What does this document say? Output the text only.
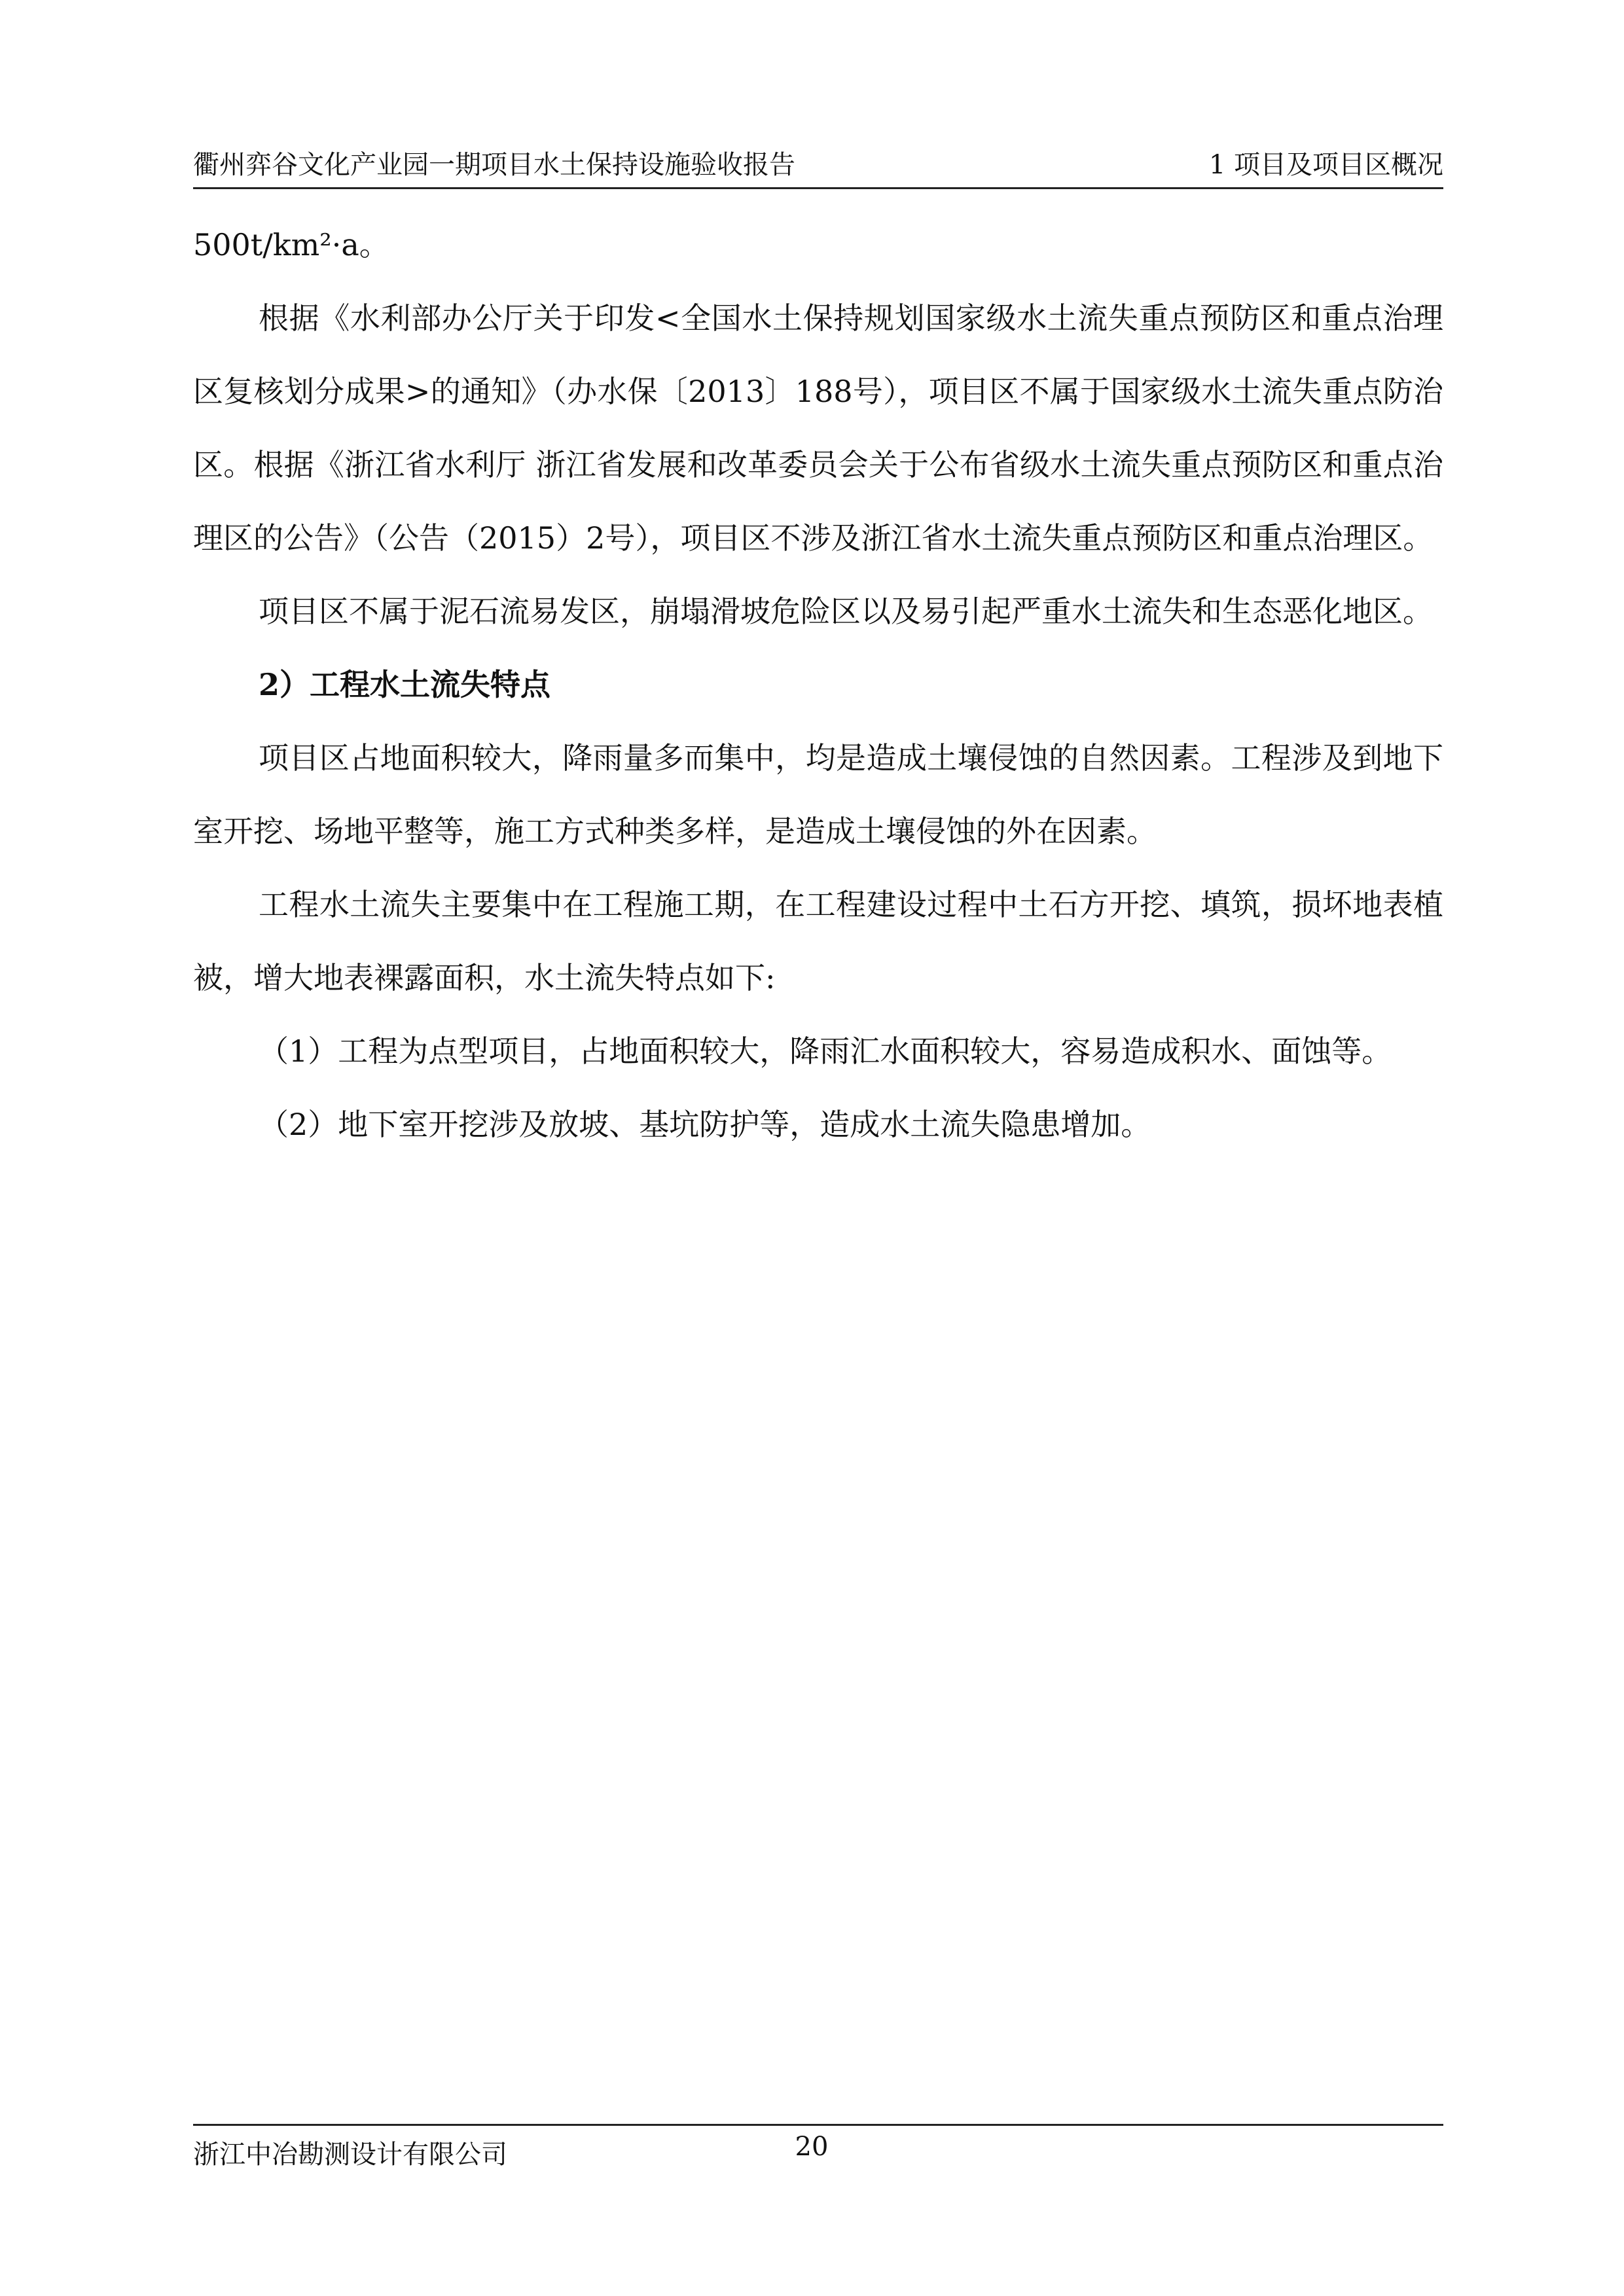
衢州弈谷文化产业园一期项目水土保持设施验收报告	1 项目及项目区概况

500t/km²·a。

根据《水利部办公厅关于印发<全国水土保持规划国家级水土流失重点预防区和重点治理区复核划分成果>的通知》（办水保〔2013〕188号），项目区不属于国家级水土流失重点防治区。根据《浙江省水利厅 浙江省发展和改革委员会关于公布省级水土流失重点预防区和重点治理区的公告》（公告（2015）2号），项目区不涉及浙江省水土流失重点预防区和重点治理区。

项目区不属于泥石流易发区，崩塌滑坡危险区以及易引起严重水土流失和生态恶化地区。

2）工程水土流失特点

项目区占地面积较大，降雨量多而集中，均是造成土壤侵蚀的自然因素。工程涉及到地下室开挖、场地平整等，施工方式种类多样，是造成土壤侵蚀的外在因素。

工程水土流失主要集中在工程施工期，在工程建设过程中土石方开挖、填筑，损坏地表植被，增大地表裸露面积，水土流失特点如下:

（1）工程为点型项目，占地面积较大，降雨汇水面积较大，容易造成积水、面蚀等。

（2）地下室开挖涉及放坡、基坑防护等，造成水土流失隐患增加。

浙江中冶勘测设计有限公司	20
